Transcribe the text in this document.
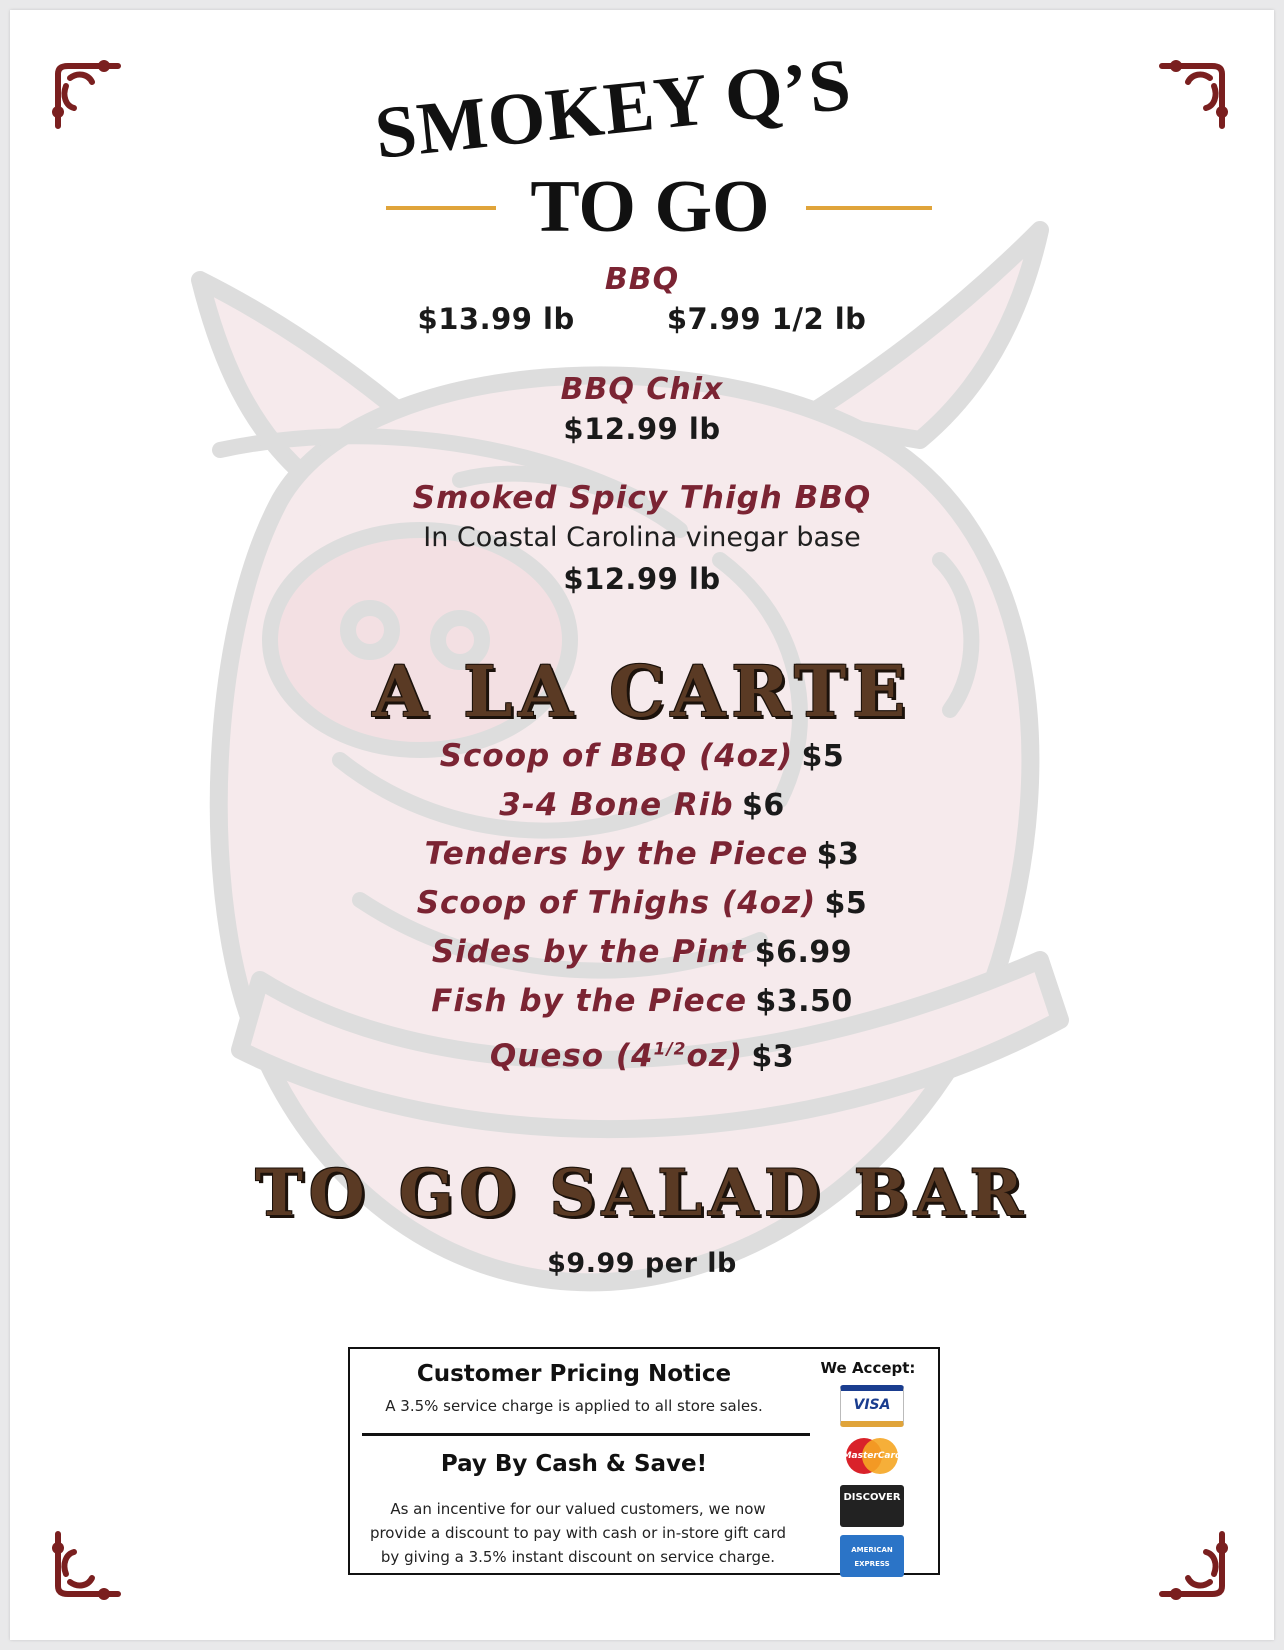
SMOKEY Q’S
TO GO
BBQ
$13.99 lb	$7.99 1/2 lb
BBQ Chix
$12.99 lb
Smoked Spicy Thigh BBQ
In Coastal Carolina vinegar base
$12.99 lb
A LA CARTE
Scoop of BBQ (4oz) $5
3-4 Bone Rib $6
Tenders by the Piece $3
Scoop of Thighs (4oz) $5
Sides by the Pint $6.99
Fish by the Piece $3.50
Queso $(4^{1/2}oz)$ $3
TO GO SALAD BAR
$9.99 per lb
Customer Pricing Notice
A 3.5% service charge is applied to all store sales.
Pay By Cash & Save!
As an incentive for our valued customers, we now
provide a discount to pay with cash or in-store gift card
by giving a 3.5% instant discount on service charge.
We Accept:
VISA
MasterCard
DISCOVER
AMERICAN EXPRESS
